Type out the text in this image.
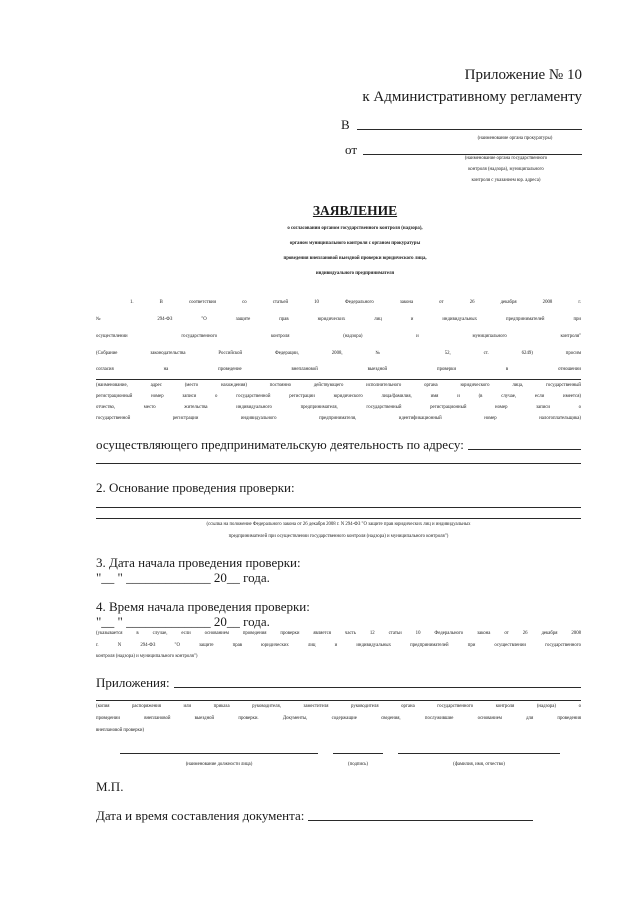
Приложение № 10
к Административному регламенту
В
(наименование органа прокуратуры)
от
(наименование органа государственного
контроля (надзора), муниципального
контроля с указанием юр. адреса)
ЗАЯВЛЕНИЕ
о согласовании органом государственного контроля (надзора),
органом муниципального контроля с органом прокуратуры
проведения внеплановой выездной проверки юридического лица,
индивидуального предпринимателя
1. В соответствии со статьей 10 Федерального закона от 26 декабря 2008 г.
№ 294-ФЗ "О защите прав юридических лиц и индивидуальных предпринимателей при
осуществлении государственного контроля (надзора) и муниципального контроля"
(Собрание законодательства Российской Федерации, 2008, № 52, ст. 6249) просим
согласия на проведение внеплановой выездной проверки в отношении
(наименование, адрес (место нахождения) постоянно действующего исполнительного органа юридического лица, государственный
регистрационный номер записи о государственной регистрации юридического лица/фамилия, имя и (в случае, если имеется)
отчество, место жительства индивидуального предпринимателя, государственный регистрационный номер записи о
государственной регистрации индивидуального предпринимателя, идентификационный номер налогоплательщика)
осуществляющего предпринимательскую деятельность по адресу:
2. Основание проведения проверки:
(ссылка на положение Федерального закона от 26 декабря 2008 г. N 294-ФЗ "О защите прав юридических лиц и индивидуальных
предпринимателей при осуществлении государственного контроля (надзора) и муниципального контроля")
3. Дата начала проведения проверки:
"__ " _____________ 20__ года.
4. Время начала проведения проверки:
"__ " _____________ 20__ года.
(указывается в случае, если основанием проведения проверки является часть 12 статьи 10 Федерального закона от 26 декабря 2008
г. N 294-ФЗ "О защите прав юридических лиц и индивидуальных предпринимателей при осуществлении государственного
контроля (надзора) и муниципального контроля")
Приложения:
(копия распоряжения или приказа руководителя, заместителя руководителя органа государственного контроля (надзора) о
проведении внеплановой выездной проверки. Документы, содержащие сведения, послужившие основанием для проведения
внеплановой проверки)
(наименование должности лица)	(подпись)	(фамилия, имя, отчество)
М.П.
Дата и время составления документа:
